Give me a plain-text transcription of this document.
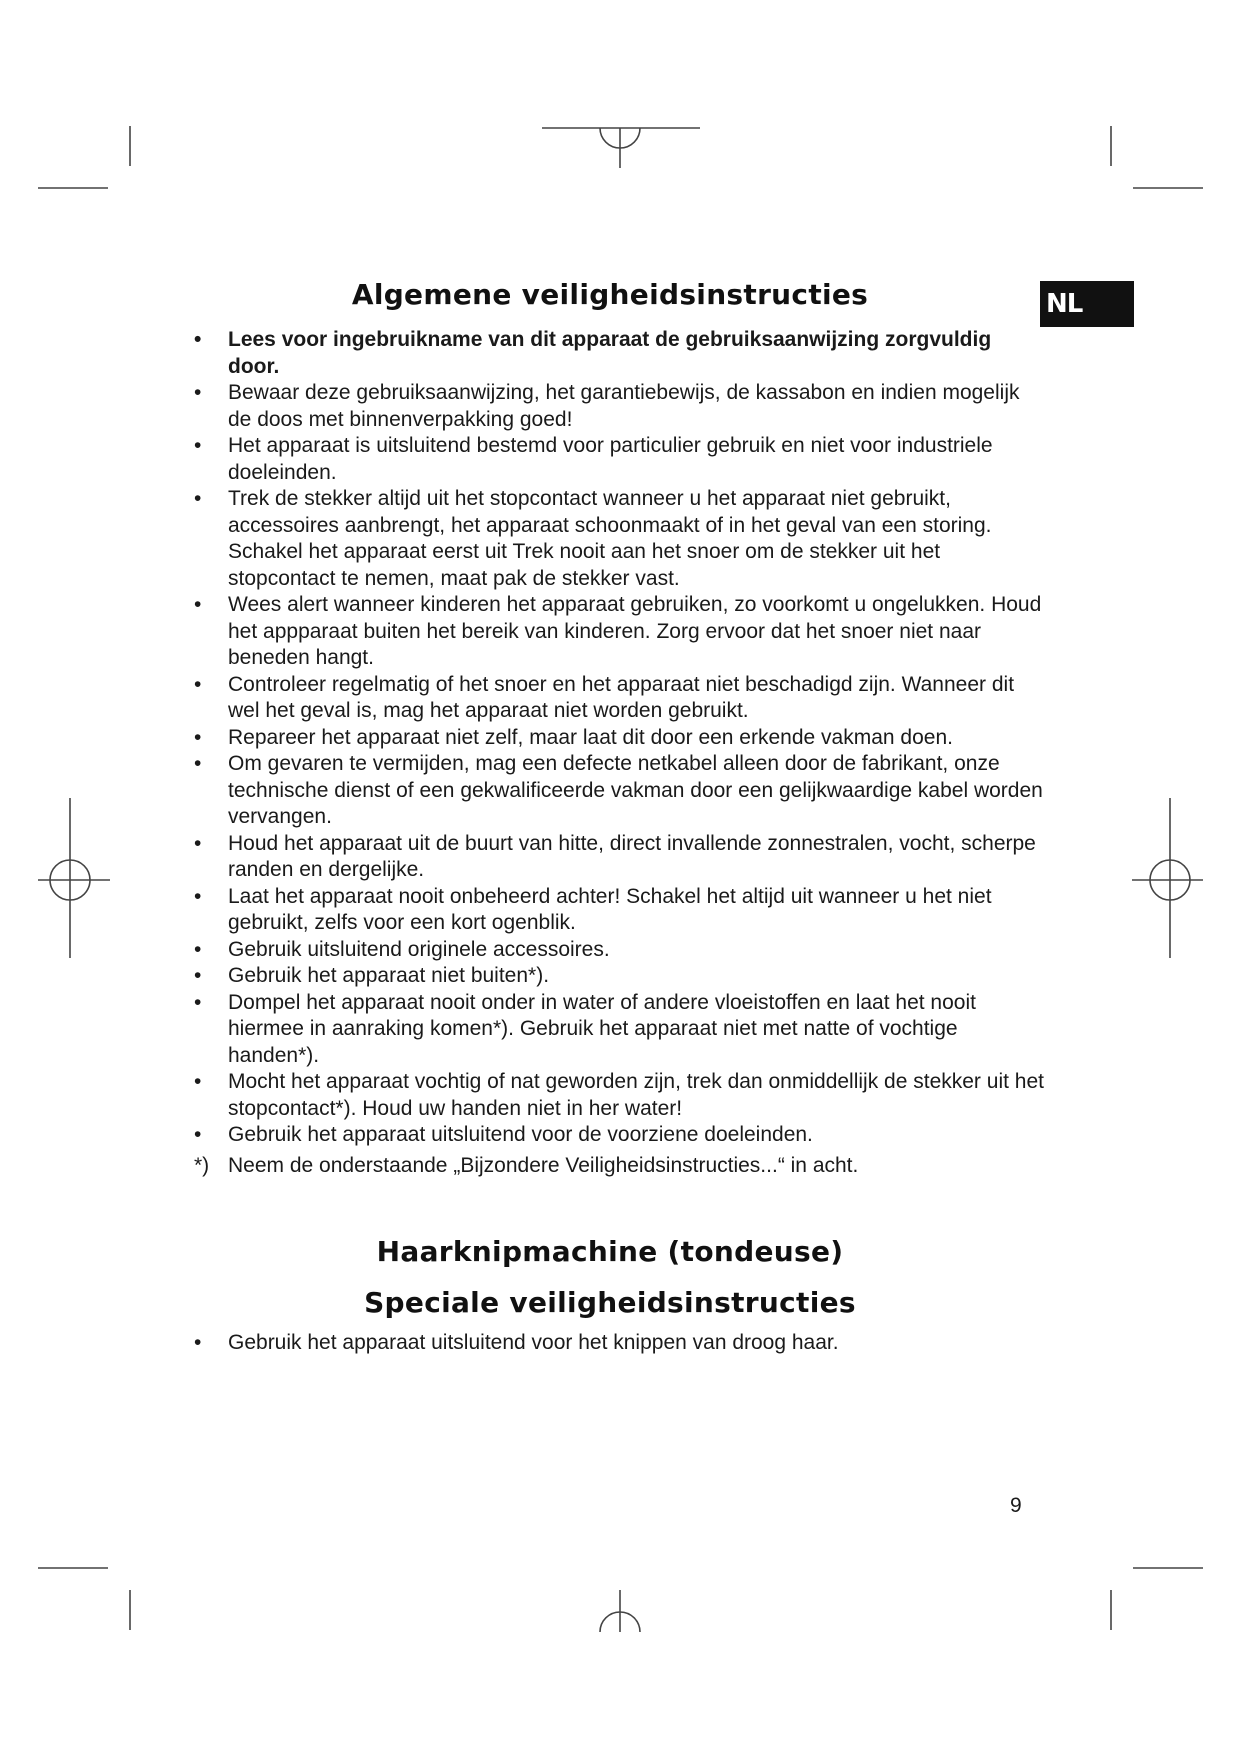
NL
Algemene veiligheidsinstructies
• Lees voor ingebruikname van dit apparaat de gebruiksaanwijzing zorgvuldig door.
• Bewaar deze gebruiksaanwijzing, het garantiebewijs, de kassabon en indien mogelijk de doos met binnenverpakking goed!
• Het apparaat is uitsluitend bestemd voor particulier gebruik en niet voor industriele doeleinden.
• Trek de stekker altijd uit het stopcontact wanneer u het apparaat niet gebruikt, accessoires aanbrengt, het apparaat schoonmaakt of in het geval van een storing. Schakel het apparaat eerst uit Trek nooit aan het snoer om de stekker uit het stopcontact te nemen, maat pak de stekker vast.
• Wees alert wanneer kinderen het apparaat gebruiken, zo voorkomt u ongelukken. Houd het appparaat buiten het bereik van kinderen. Zorg ervoor dat het snoer niet naar beneden hangt.
• Controleer regelmatig of het snoer en het apparaat niet beschadigd zijn. Wanneer dit wel het geval is, mag het apparaat niet worden gebruikt.
• Repareer het apparaat niet zelf, maar laat dit door een erkende vakman doen.
• Om gevaren te vermijden, mag een defecte netkabel alleen door de fabrikant, onze technische dienst of een gekwalificeerde vakman door een gelijkwaardige kabel worden vervangen.
• Houd het apparaat uit de buurt van hitte, direct invallende zonnestralen, vocht, scherpe randen en dergelijke.
• Laat het apparaat nooit onbeheerd achter! Schakel het altijd uit wanneer u het niet gebruikt, zelfs voor een kort ogenblik.
• Gebruik uitsluitend originele accessoires.
• Gebruik het apparaat niet buiten*).
• Dompel het apparaat nooit onder in water of andere vloeistoffen en laat het nooit hiermee in aanraking komen*). Gebruik het apparaat niet met natte of vochtige handen*).
• Mocht het apparaat vochtig of nat geworden zijn, trek dan onmiddellijk de stekker uit het stopcontact*). Houd uw handen niet in her water!
• Gebruik het apparaat uitsluitend voor de voorziene doeleinden.
*) Neem de onderstaande „Bijzondere Veiligheidsinstructies...“ in acht.
Haarknipmachine (tondeuse)
Speciale veiligheidsinstructies
• Gebruik het apparaat uitsluitend voor het knippen van droog haar.
9
